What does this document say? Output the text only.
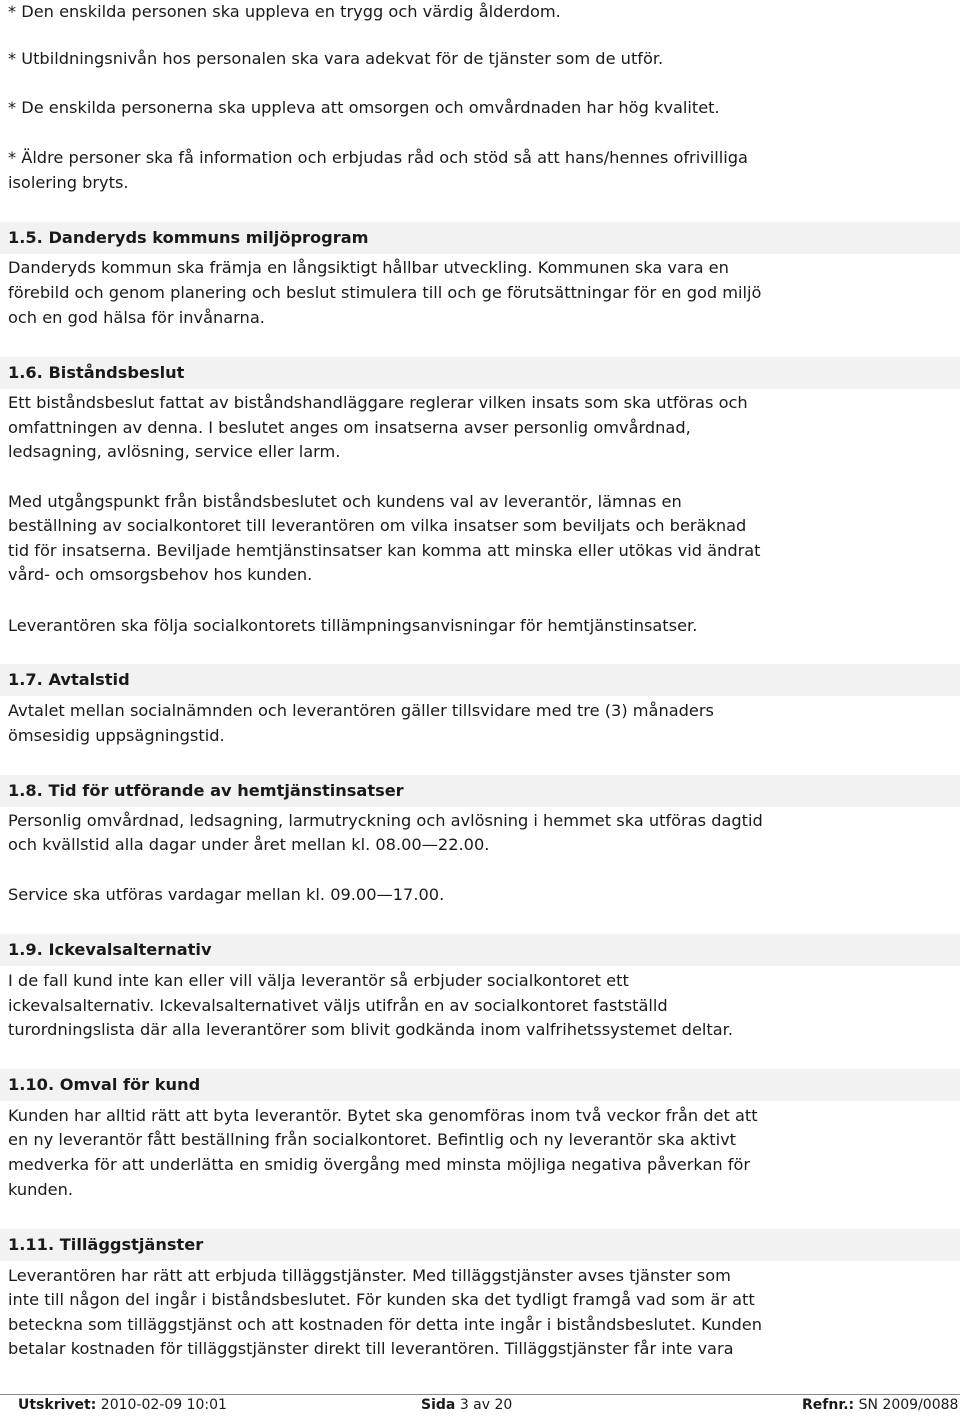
* Den enskilda personen ska uppleva en trygg och värdig ålderdom.

* Utbildningsnivån hos personalen ska vara adekvat för de tjänster som de utför.

* De enskilda personerna ska uppleva att omsorgen och omvårdnaden har hög kvalitet.

* Äldre personer ska få information och erbjudas råd och stöd så att hans/hennes ofrivilliga

isolering bryts.

1.5. Danderyds kommuns miljöprogram

Danderyds kommun ska främja en långsiktigt hållbar utveckling. Kommunen ska vara en

förebild och genom planering och beslut stimulera till och ge förutsättningar för en god miljö

och en god hälsa för invånarna.

1.6. Biståndsbeslut

Ett biståndsbeslut fattat av biståndshandläggare reglerar vilken insats som ska utföras och

omfattningen av denna. I beslutet anges om insatserna avser personlig omvårdnad,

ledsagning, avlösning, service eller larm.

Med utgångspunkt från biståndsbeslutet och kundens val av leverantör, lämnas en

beställning av socialkontoret till leverantören om vilka insatser som beviljats och beräknad

tid för insatserna. Beviljade hemtjänstinsatser kan komma att minska eller utökas vid ändrat

vård- och omsorgsbehov hos kunden.

Leverantören ska följa socialkontorets tillämpningsanvisningar för hemtjänstinsatser.

1.7. Avtalstid

Avtalet mellan socialnämnden och leverantören gäller tillsvidare med tre (3) månaders

ömsesidig uppsägningstid.

1.8. Tid för utförande av hemtjänstinsatser

Personlig omvårdnad, ledsagning, larmutryckning och avlösning i hemmet ska utföras dagtid

och kvällstid alla dagar under året mellan kl. 08.00—22.00.

Service ska utföras vardagar mellan kl. 09.00—17.00.

1.9. Ickevalsalternativ

I de fall kund inte kan eller vill välja leverantör så erbjuder socialkontoret ett

ickevalsalternativ. Ickevalsalternativet väljs utifrån en av socialkontoret fastställd

turordningslista där alla leverantörer som blivit godkända inom valfrihetssystemet deltar.

1.10. Omval för kund

Kunden har alltid rätt att byta leverantör. Bytet ska genomföras inom två veckor från det att

en ny leverantör fått beställning från socialkontoret. Befintlig och ny leverantör ska aktivt

medverka för att underlätta en smidig övergång med minsta möjliga negativa påverkan för

kunden.

1.11. Tilläggstjänster

Leverantören har rätt att erbjuda tilläggstjänster. Med tilläggstjänster avses tjänster som

inte till någon del ingår i biståndsbeslutet. För kunden ska det tydligt framgå vad som är att

beteckna som tilläggstjänst och att kostnaden för detta inte ingår i biståndsbeslutet. Kunden

betalar kostnaden för tilläggstjänster direkt till leverantören. Tilläggstjänster får inte vara

Utskrivet: 2010-02-09 10:01	Sida 3 av 20	Refnr.: SN 2009/0088
